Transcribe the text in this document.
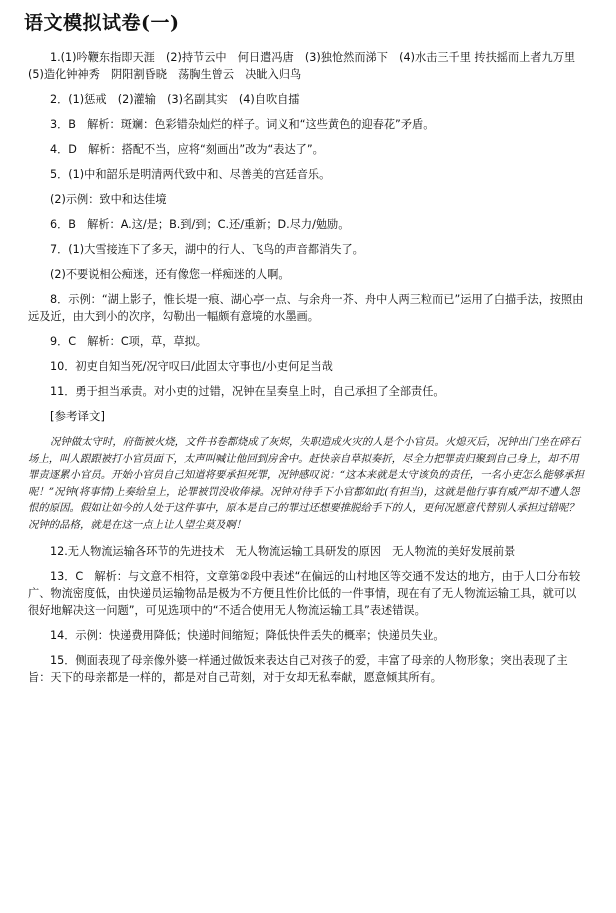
语文模拟试卷(一)
1.(1)吟鞭东指即天涯　(2)持节云中　何日遣冯唐　(3)独怆然而涕下　(4)水击三千里 抟扶摇而上者九万里　(5)造化钟神秀　阴阳割昏晓　荡胸生曾云　决眦入归鸟
2．(1)惩戒　(2)灌输　(3)名副其实　(4)自吹自擂
3．B　解析：斑斓：色彩错杂灿烂的样子。词义和“这些黄色的迎春花”矛盾。
4．D　解析：搭配不当，应将“刻画出”改为“表达了”。
5．(1)中和韶乐是明清两代致中和、尽善美的宫廷音乐。
(2)示例：致中和达佳境
6．B　解析：A.这/是；B.到/到；C.还/重新；D.尽力/勉励。
7．(1)大雪接连下了多天，湖中的行人、飞鸟的声音都消失了。
(2)不要说相公痴迷，还有像您一样痴迷的人啊。
8．示例：“湖上影子，惟长堤一痕、湖心亭一点、与余舟一芥、舟中人两三粒而已”运用了白描手法，按照由远及近，由大到小的次序，勾勒出一幅颇有意境的水墨画。
9．C　解析：C项，草，草拟。
10．初吏自知当死/况守叹曰/此固太守事也/小吏何足当哉
11．勇于担当承责。对小吏的过错，况钟在呈奏皇上时，自己承担了全部责任。
[参考译文]
况钟做太守时，府衙被火烧，文件书卷都烧成了灰烬，失职造成火灾的人是个小官员。火熄灭后，况钟出门坐在碎石场上，叫人跟跟被打小官员面下，太声叫喊让他回到房舍中。赶快亲自草拟奏折，尽全力把罪责归聚到自己身上，却不用罪责逐累小官员。开始小官员自己知道将要承担死罪，况钟感叹说：“这本来就是太守该负的责任，一名小吏怎么能够承担呢！”况钟(将事情)上奏给皇上，论罪被罚没收俸禄。况钟对待手下小官都如此(有担当)，这就是他行事有威严却不遭人怨恨的原因。假如让如今的人处于这件事中，原本是自己的罪过还想要推脱给手下的人，更何况愿意代替别人承担过错呢？况钟的品格，就是在这一点上让人望尘莫及啊！
12.无人物流运输各环节的先进技术　无人物流运输工具研发的原因　无人物流的美好发展前景
13．C　解析：与文意不相符，文章第②段中表述“在偏远的山村地区等交通不发达的地方，由于人口分布较广、物流密度低，由快递员运输物品是极为不方便且性价比低的一件事情，现在有了无人物流运输工具，就可以很好地解决这一问题”，可见选项中的“不适合使用无人物流运输工具”表述错误。
14．示例：快递费用降低；快递时间缩短；降低快件丢失的概率；快递员失业。
15．侧面表现了母亲像外婆一样通过做饭来表达自己对孩子的爱，丰富了母亲的人物形象；突出表现了主旨：天下的母亲都是一样的，都是对自己苛刻，对于女却无私奉献，愿意倾其所有。
